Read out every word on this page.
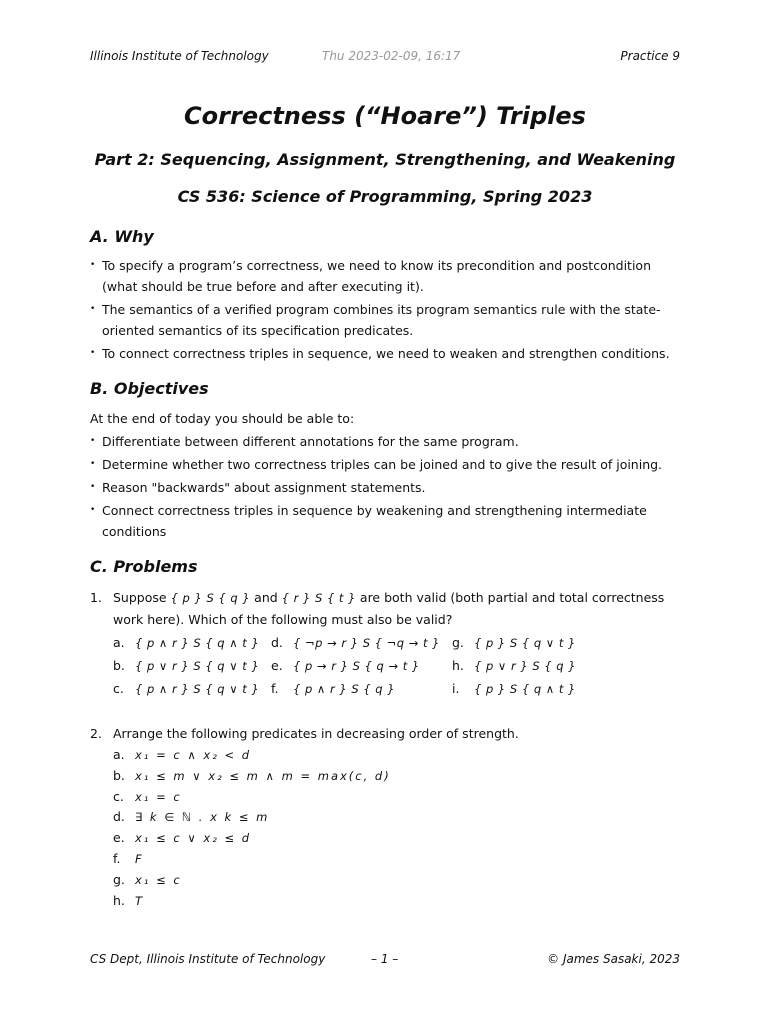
Illinois Institute of Technology	Thu 2023-02-09, 16:17	Practice 9
Correctness (“Hoare”) Triples
Part 2: Sequencing, Assignment, Strengthening, and Weakening
CS 536: Science of Programming, Spring 2023
A. Why
• To specify a program’s correctness, we need to know its precondition and postcondition (what should be true before and after executing it).
• The semantics of a verified program combines its program semantics rule with the state-oriented semantics of its specification predicates.
• To connect correctness triples in sequence, we need to weaken and strengthen conditions.
B. Objectives

At the end of today you should be able to:

• Differentiate between different annotations for the same program.
• Determine whether two correctness triples can be joined and to give the result of joining.
• Reason "backwards" about assignment statements.
• Connect correctness triples in sequence by weakening and strengthening intermediate conditions
C. Problems
1. Suppose { p } S { q } and { r } S { t } are both valid (both partial and total correctness work here). Which of the following must also be valid?
a. { p ∧ r } S { q ∧ t } d. { ¬p → r } S { ¬q → t } g. { p } S { q ∨ t }
b. { p ∨ r } S { q ∨ t } e. { p → r } S { q → t }	h. { p ∨ r } S { q }
c. { p ∧ r } S { q ∨ t } f. { p ∧ r } S { q }	i. { p } S { q ∧ t }
2. Arrange the following predicates in decreasing order of strength.
a. x₁ = c ∧ x₂ < d
b. x₁ ≤ m ∨ x₂ ≤ m ∧ m = max(c, d)
c. x₁ = c
d. ∃ k ∈ ℕ . x k ≤ m
e. x₁ ≤ c ∨ x₂ ≤ d
f. F
g. x₁ ≤ c
h. T
CS Dept, Illinois Institute of Technology	– 1 –	© James Sasaki, 2023
